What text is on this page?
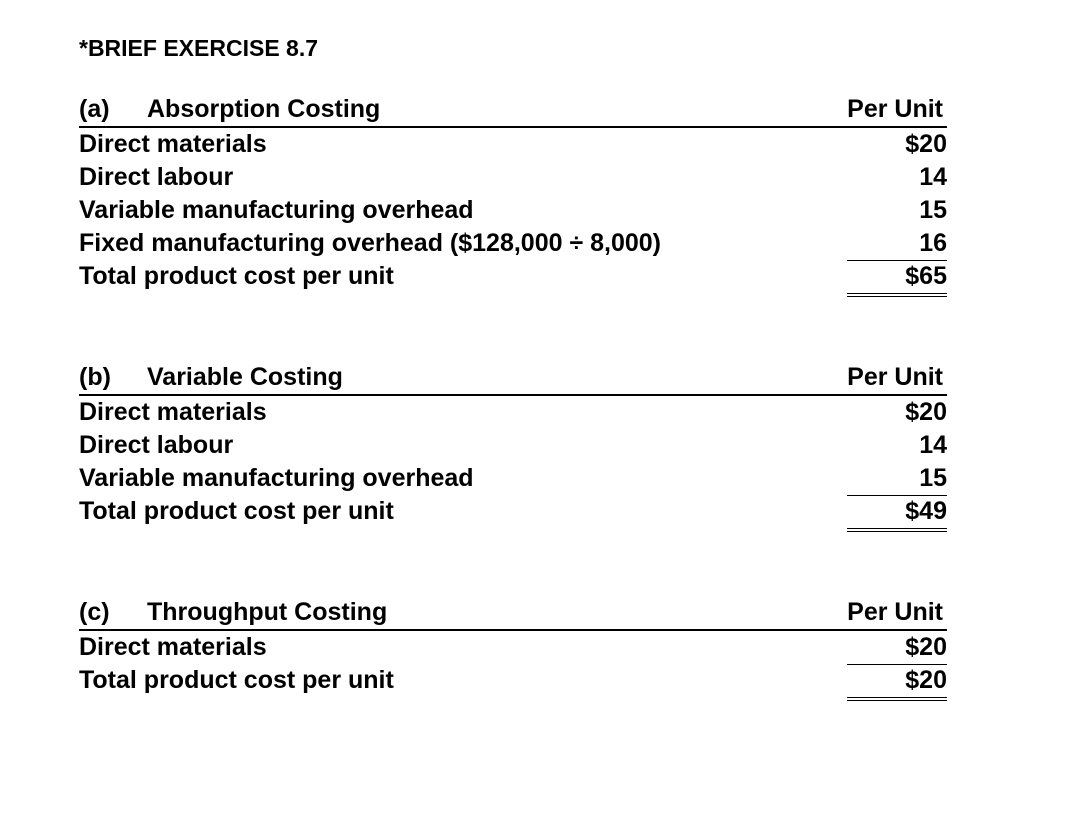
*BRIEF EXERCISE 8.7
(a) Absorption Costing	Per Unit
Direct materials	$20
Direct labour	14
Variable manufacturing overhead	15
Fixed manufacturing overhead ($128,000 ÷ 8,000)	16
Total product cost per unit	$65
(b) Variable Costing	Per Unit
Direct materials	$20
Direct labour	14
Variable manufacturing overhead	15
Total product cost per unit	$49
(c) Throughput Costing	Per Unit
Direct materials	$20
Total product cost per unit	$20
